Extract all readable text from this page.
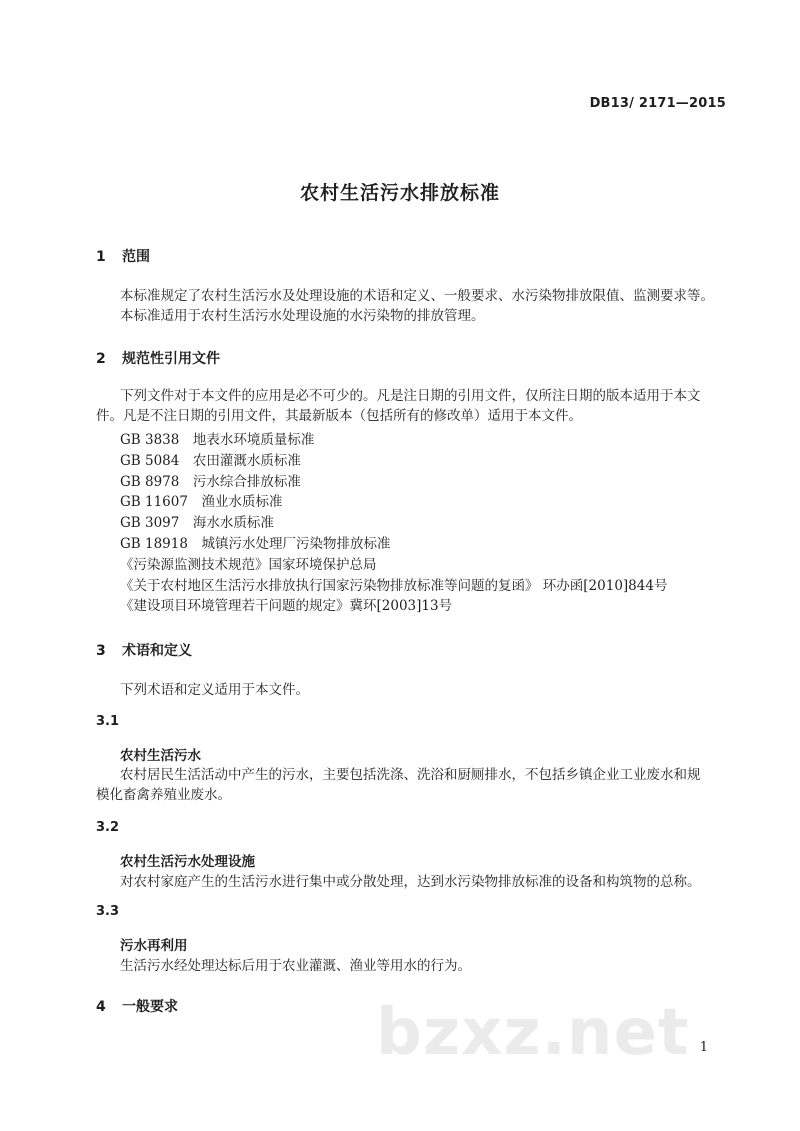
DB13/ 2171—2015
农村生活污水排放标准
1 范围
本标准规定了农村生活污水及处理设施的术语和定义、一般要求、水污染物排放限值、监测要求等。
本标准适用于农村生活污水处理设施的水污染物的排放管理。
2 规范性引用文件
下列文件对于本文件的应用是必不可少的。凡是注日期的引用文件，仅所注日期的版本适用于本文
件。凡是不注日期的引用文件，其最新版本（包括所有的修改单）适用于本文件。
GB 3838　地表水环境质量标准
GB 5084　农田灌溉水质标准
GB 8978　污水综合排放标准
GB 11607　渔业水质标准
GB 3097　海水水质标准
GB 18918　城镇污水处理厂污染物排放标准
《污染源监测技术规范》国家环境保护总局
《关于农村地区生活污水排放执行国家污染物排放标准等问题的复函》 环办函[2010]844号
《建设项目环境管理若干问题的规定》冀环[2003]13号
3 术语和定义
下列术语和定义适用于本文件。
3.1
农村生活污水
农村居民生活活动中产生的污水，主要包括洗涤、洗浴和厨厕排水，不包括乡镇企业工业废水和规
模化畜禽养殖业废水。
3.2
农村生活污水处理设施
对农村家庭产生的生活污水进行集中或分散处理，达到水污染物排放标准的设备和构筑物的总称。
3.3
污水再利用
生活污水经处理达标后用于农业灌溉、渔业等用水的行为。
4 一般要求	bzxz.net 1
